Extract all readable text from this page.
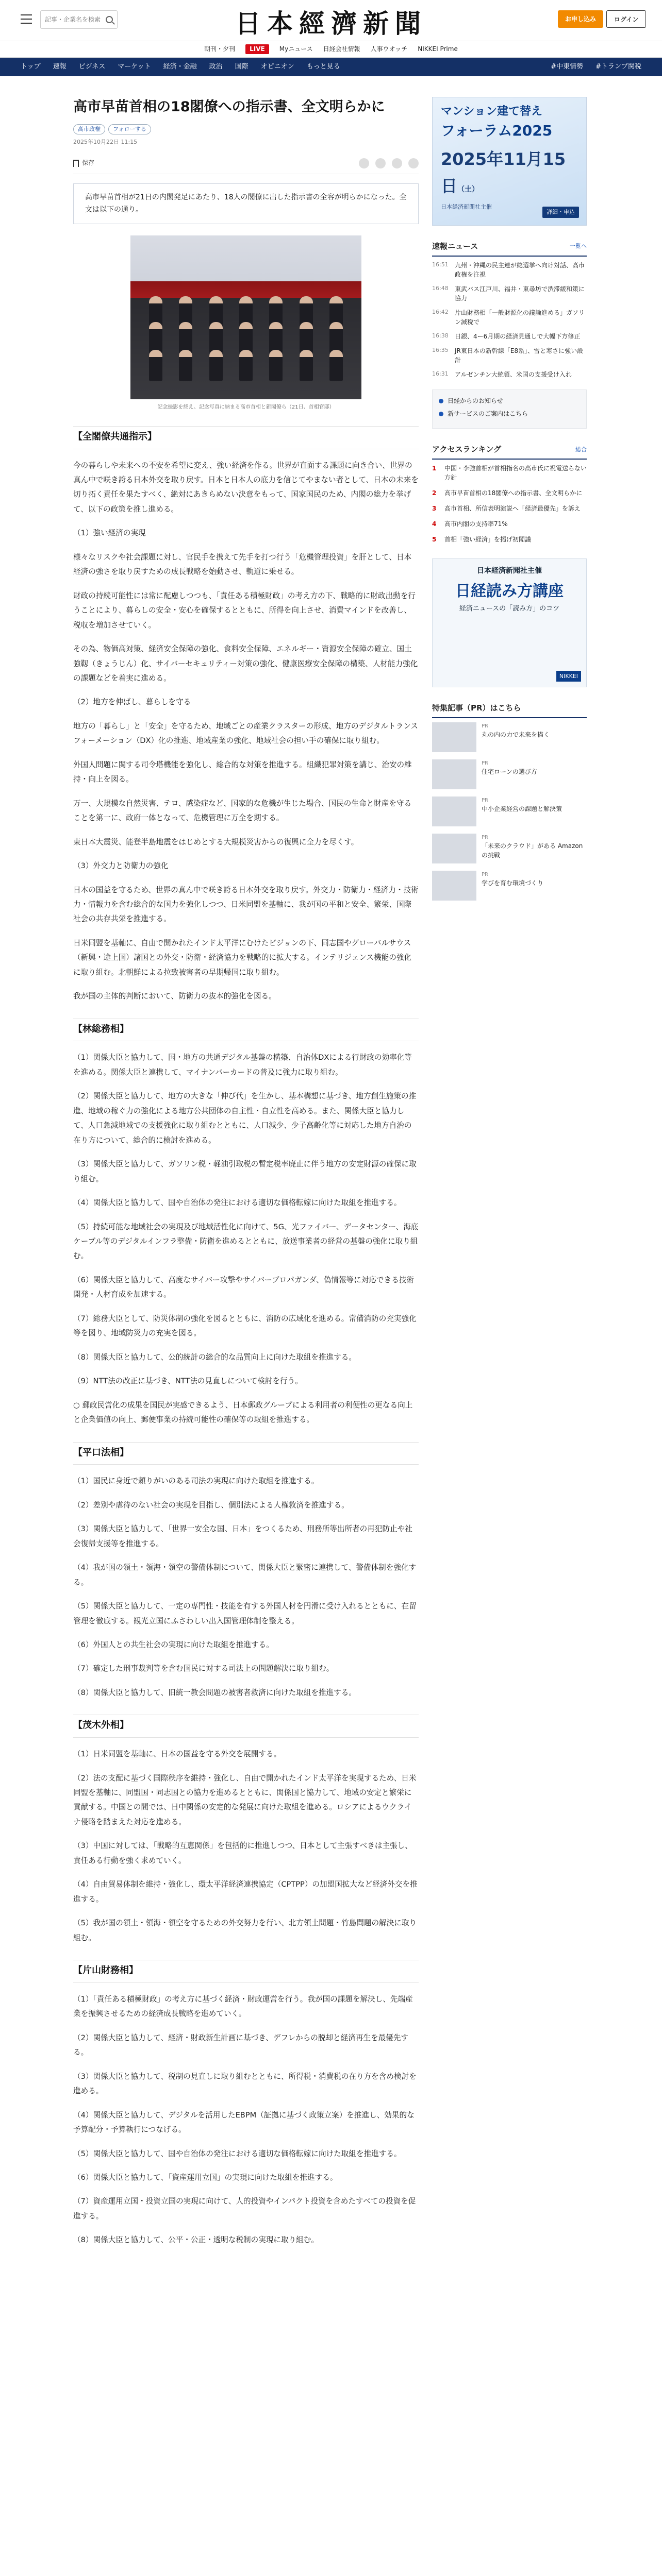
記事・企業名を検索
日本經濟新聞	お申し込み	ログイン
朝刊・夕刊	LIVE	Myニュース 日経会社情報 人事ウオッチ NIKKEI Prime
トップ 速報 ビジネス マーケット 経済・金融 政治 国際 オピニオン もっと見る	#中東情勢 #トランプ関税
高市早苗首相の18閣僚への指示書、全文明らかに
高市政権	フォローする
2025年10月22日 11:15
保存
高市早苗首相が21日の内閣発足にあたり、18人の閣僚に出した指示書の全容が明らかになった。全文は以下の通り。
記念撮影を終え、記念写真に納まる高市首相と新閣僚ら（21日、首相官邸）
【全閣僚共通指示】

今の暮らしや未来への不安を希望に変え、強い経済を作る。世界が直面する課題に向き合い、世界の真ん中で咲き誇る日本外交を取り戻す。日本と日本人の底力を信じてやまない者として、日本の未来を切り拓く責任を果たすべく、絶対にあきらめない決意をもって、国家国民のため、内閣の総力を挙げて、以下の政策を推し進める。

（1）強い経済の実現

様々なリスクや社会課題に対し、官民手を携えて先手を打つ行う「危機管理投資」を肝として、日本経済の強さを取り戻すための成長戦略を始動させ、軌道に乗せる。

財政の持続可能性には常に配慮しつつも、「責任ある積極財政」の考え方の下、戦略的に財政出動を行うことにより、暮らしの安全・安心を確保するとともに、所得を向上させ、消費マインドを改善し、税収を増加させていく。

その為、物価高対策、経済安全保障の強化、食料安全保障、エネルギー・資源安全保障の確立、国土強靱（きょうじん）化、サイバーセキュリティー対策の強化、健康医療安全保障の構築、人材能力強化の課題などを着実に進める。

（2）地方を伸ばし、暮らしを守る

地方の「暮らし」と「安全」を守るため、地域ごとの産業クラスターの形成、地方のデジタルトランスフォーメーション（DX）化の推進、地域産業の強化、地域社会の担い手の確保に取り組む。

外国人問題に関する司令塔機能を強化し、総合的な対策を推進する。組織犯罪対策を講じ、治安の維持・向上を図る。

万一、大規模な自然災害、テロ、感染症など、国家的な危機が生じた場合、国民の生命と財産を守ることを第一に、政府一体となって、危機管理に万全を期する。

東日本大震災、能登半島地震をはじめとする大規模災害からの復興に全力を尽くす。

（3）外交力と防衛力の強化

日本の国益を守るため、世界の真ん中で咲き誇る日本外交を取り戻す。外交力・防衛力・経済力・技術力・情報力を含む総合的な国力を強化しつつ、日米同盟を基軸に、我が国の平和と安全、繁栄、国際社会の共存共栄を推進する。

日米同盟を基軸に、自由で開かれたインド太平洋にむけたビジョンの下、同志国やグローバルサウス（新興・途上国）諸国との外交・防衛・経済協力を戦略的に拡大する。インテリジェンス機能の強化に取り組む。北朝鮮による拉致被害者の早期帰国に取り組む。

我が国の主体的判断において、防衛力の抜本的強化を図る。

【林総務相】

（1）関係大臣と協力して、国・地方の共通デジタル基盤の構築、自治体DXによる行財政の効率化等を進める。関係大臣と連携して、マイナンバーカードの普及に強力に取り組む。

（2）関係大臣と協力して、地方の大きな「伸び代」を生かし、基本構想に基づき、地方創生施策の推進、地域の稼ぐ力の強化による地方公共団体の自主性・自立性を高める。また、関係大臣と協力して、人口急減地域での支援強化に取り組むとともに、人口減少、少子高齢化等に対応した地方自治の在り方について、総合的に検討を進める。

（3）関係大臣と協力して、ガソリン税・軽油引取税の暫定税率廃止に伴う地方の安定財源の確保に取り組む。

（4）関係大臣と協力して、国や自治体の発注における適切な価格転嫁に向けた取組を推進する。

（5）持続可能な地域社会の実現及び地域活性化に向けて、5G、光ファイバー、データセンター、海底ケーブル等のデジタルインフラ整備・防衛を進めるとともに、放送事業者の経営の基盤の強化に取り組む。

（6）関係大臣と協力して、高度なサイバー攻撃やサイバーブロパガンダ、偽情報等に対応できる技術開発・人材育成を加速する。

（7）総務大臣として、防災体制の強化を図るとともに、消防の広域化を進める。常備消防の充実強化等を図り、地域防災力の充実を図る。

（8）関係大臣と協力して、公的統計の総合的な品質向上に向けた取組を推進する。

（9）NTT法の改正に基づき、NTT法の見直しについて検討を行う。

○ 郵政民営化の成果を国民が実感できるよう、日本郵政グループによる利用者の利便性の更なる向上と企業価値の向上、郵便事業の持続可能性の確保等の取組を推進する。

【平口法相】

（1）国民に身近で頼りがいのある司法の実現に向けた取組を推進する。

（2）差別や虐待のない社会の実現を目指し、個別法による人権救済を推進する。

（3）関係大臣と協力して、「世界一安全な国、日本」をつくるため、刑務所等出所者の再犯防止や社会復帰支援等を推進する。

（4）我が国の領土・領海・領空の警備体制について、関係大臣と緊密に連携して、警備体制を強化する。

（5）関係大臣と協力して、一定の専門性・技能を有する外国人材を円滑に受け入れるとともに、在留管理を徹底する。観光立国にふさわしい出入国管理体制を整える。

（6）外国人との共生社会の実現に向けた取組を推進する。

（7）確定した刑事裁判等を含む国民に対する司法上の問題解決に取り組む。

（8）関係大臣と協力して、旧統一教会問題の被害者救済に向けた取組を推進する。

【茂木外相】

（1）日米同盟を基軸に、日本の国益を守る外交を展開する。

（2）法の支配に基づく国際秩序を維持・強化し、自由で開かれたインド太平洋を実現するため、日米同盟を基軸に、同盟国・同志国との協力を進めるとともに、関係国と協力して、地域の安定と繁栄に貢献する。中国との間では、日中関係の安定的な発展に向けた取組を進める。ロシアによるウクライナ侵略を踏まえた対応を進める。

（3）中国に対しては、「戦略的互恵関係」を包括的に推進しつつ、日本として主張すべきは主張し、責任ある行動を強く求めていく。

（4）自由貿易体制を維持・強化し、環太平洋経済連携協定（CPTPP）の加盟国拡大など経済外交を推進する。

（5）我が国の領土・領海・領空を守るための外交努力を行い、北方領土問題・竹島問題の解決に取り組む。

【片山財務相】

（1）「責任ある積極財政」の考え方に基づく経済・財政運営を行う。我が国の課題を解決し、先端産業を振興させるための経済成長戦略を進めていく。

（2）関係大臣と協力して、経済・財政新生計画に基づき、デフレからの脱却と経済再生を最優先する。

（3）関係大臣と協力して、税制の見直しに取り組むとともに、所得税・消費税の在り方を含め検討を進める。

（4）関係大臣と協力して、デジタルを活用したEBPM（証拠に基づく政策立案）を推進し、効果的な予算配分・予算執行につなげる。

（5）関係大臣と協力して、国や自治体の発注における適切な価格転嫁に向けた取組を推進する。

（6）関係大臣と協力して、「資産運用立国」の実現に向けた取組を推進する。

（7）資産運用立国・投資立国の実現に向けて、人的投資やインパクト投資を含めたすべての投資を促進する。

（8）関係大臣と協力して、公平・公正・透明な税制の実現に取り組む。

マンション建て替え
フォーラム2025
2025年11月15日（土）
日本経済新聞社主催
詳細・申込
速報ニュース	一覧へ
16:51 九州・沖縄の民主連が総選挙へ向け対話、高市政権を注視
16:48 東武バス江戸川、福井・東尋坊で渋滞緩和策に協力
16:42 片山財務相「一般財源化の議論進める」ガソリン減税で
16:38 日銀、4ー6月期の経済見通しで大幅下方修正
16:35 JR東日本の新幹線「E8系」、雪と寒さに強い設計
16:31 アルゼンチン大統領、米国の支援受け入れ
日経からのお知らせ
新サービスのご案内はこちら
アクセスランキング	総合
1	中国・李強首相が首相指名の高市氏に祝電送らない方針
2	高市早苗首相の18閣僚への指示書、全文明らかに
3	高市首相、所信表明演説へ「経済最優先」を訴え
4	高市内閣の支持率71%
5	首相「強い経済」を掲げ初閣議
日本経済新聞社主催
日経読み方講座
経済ニュースの「読み方」のコツ
NIKKEI
特集記事（PR）はこちら
PR
丸の内の力で未来を描く
PR
住宅ローンの選び方
PR
中小企業経営の課題と解決策
PR
「未来のクラウド」がある Amazonの挑戦
PR
学びを育む環境づくり
